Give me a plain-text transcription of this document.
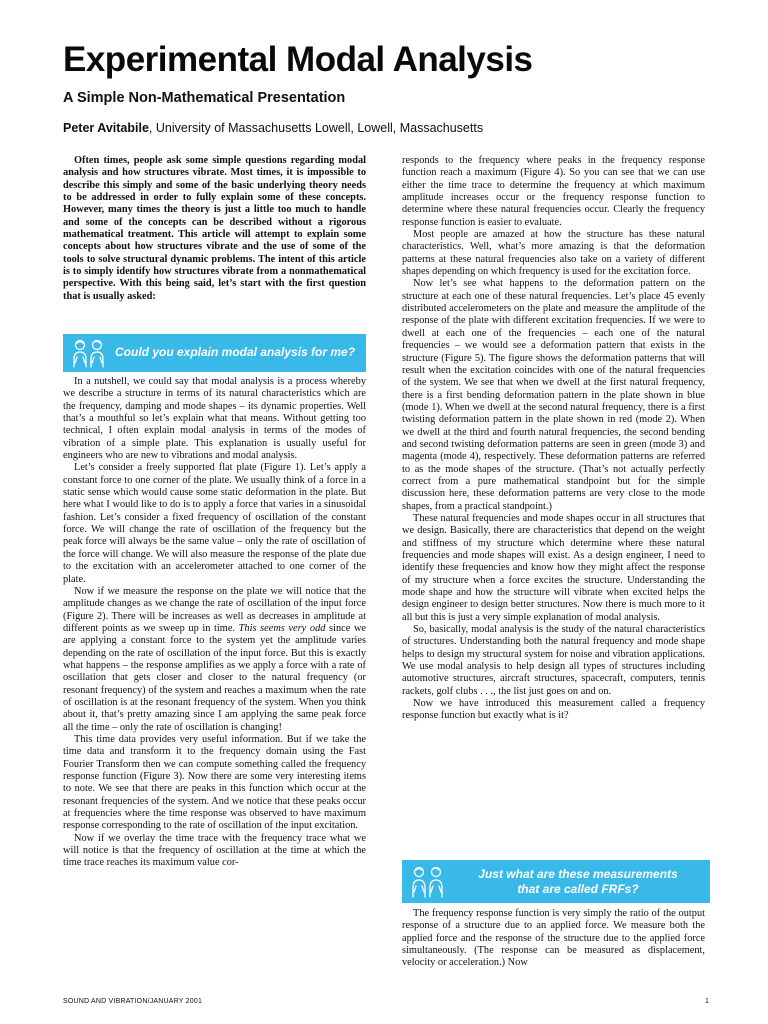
Experimental Modal Analysis
A Simple Non-Mathematical Presentation
Peter Avitabile, University of Massachusetts Lowell, Lowell, Massachusetts

Often times, people ask some simple questions regarding modal analysis and how structures vibrate. Most times, it is impossible to describe this simply and some of the basic underlying theory needs to be addressed in order to fully explain some of these concepts. However, many times the theory is just a little too much to handle and some of the concepts can be described without a rigorous mathematical treatment. This article will attempt to explain some concepts about how structures vibrate and the use of some of the tools to solve structural dynamic problems. The intent of this article is to simply identify how structures vibrate from a nonmathematical perspective. With this being said, let’s start with the first question that is usually asked:

Could you explain modal analysis for me?

In a nutshell, we could say that modal analysis is a process whereby we describe a structure in terms of its natural characteristics which are the frequency, damping and mode shapes – its dynamic properties. Well that’s a mouthful so let’s explain what that means. Without getting too technical, I often explain modal analysis in terms of the modes of vibration of a simple plate. This explanation is usually useful for engineers who are new to vibrations and modal analysis.

Let’s consider a freely supported flat plate (Figure 1). Let’s apply a constant force to one corner of the plate. We usually think of a force in a static sense which would cause some static deformation in the plate. But here what I would like to do is to apply a force that varies in a sinusoidal fashion. Let’s consider a fixed frequency of oscillation of the constant force. We will change the rate of oscillation of the frequency but the peak force will always be the same value – only the rate of oscillation of the force will change. We will also measure the response of the plate due to the excitation with an accelerometer attached to one corner of the plate.

Now if we measure the response on the plate we will notice that the amplitude changes as we change the rate of oscillation of the input force (Figure 2). There will be increases as well as decreases in amplitude at different points as we sweep up in time. This seems very odd since we are applying a constant force to the system yet the amplitude varies depending on the rate of oscillation of the input force. But this is exactly what happens – the response amplifies as we apply a force with a rate of oscillation that gets closer and closer to the natural frequency (or resonant frequency) of the system and reaches a maximum when the rate of oscillation is at the resonant frequency of the system. When you think about it, that’s pretty amazing since I am applying the same peak force all the time – only the rate of oscillation is changing!

This time data provides very useful information. But if we take the time data and transform it to the frequency domain using the Fast Fourier Transform then we can compute something called the frequency response function (Figure 3). Now there are some very interesting items to note. We see that there are peaks in this function which occur at the resonant frequencies of the system. And we notice that these peaks occur at frequencies where the time response was observed to have maximum response corresponding to the rate of oscillation of the input excitation.

Now if we overlay the time trace with the frequency trace what we will notice is that the frequency of oscillation at the time at which the time trace reaches its maximum value cor-

responds to the frequency where peaks in the frequency response function reach a maximum (Figure 4). So you can see that we can use either the time trace to determine the frequency at which maximum amplitude increases occur or the frequency response function to determine where these natural frequencies occur. Clearly the frequency response function is easier to evaluate.

Most people are amazed at how the structure has these natural characteristics. Well, what’s more amazing is that the deformation patterns at these natural frequencies also take on a variety of different shapes depending on which frequency is used for the excitation force.

Now let’s see what happens to the deformation pattern on the structure at each one of these natural frequencies. Let’s place 45 evenly distributed accelerometers on the plate and measure the amplitude of the response of the plate with different excitation frequencies. If we were to dwell at each one of the frequencies – each one of the natural frequencies – we would see a deformation pattern that exists in the structure (Figure 5). The figure shows the deformation patterns that will result when the excitation coincides with one of the natural frequencies of the system. We see that when we dwell at the first natural frequency, there is a first bending deformation pattern in the plate shown in blue (mode 1). When we dwell at the second natural frequency, there is a first twisting deformation pattern in the plate shown in red (mode 2). When we dwell at the third and fourth natural frequencies, the second bending and second twisting deformation patterns are seen in green (mode 3) and magenta (mode 4), respectively. These deformation patterns are referred to as the mode shapes of the structure. (That’s not actually perfectly correct from a pure mathematical standpoint but for the simple discussion here, these deformation patterns are very close to the mode shapes, from a practical standpoint.)

These natural frequencies and mode shapes occur in all structures that we design. Basically, there are characteristics that depend on the weight and stiffness of my structure which determine where these natural frequencies and mode shapes will exist. As a design engineer, I need to identify these frequencies and know how they might affect the response of my structure when a force excites the structure. Understanding the mode shape and how the structure will vibrate when excited helps the design engineer to design better structures. Now there is much more to it all but this is just a very simple explanation of modal analysis.

So, basically, modal analysis is the study of the natural characteristics of structures. Understanding both the natural frequency and mode shape helps to design my structural system for noise and vibration applications. We use modal analysis to help design all types of structures including automotive structures, aircraft structures, spacecraft, computers, tennis rackets, golf clubs . . ., the list just goes on and on.

Now we have introduced this measurement called a frequency response function but exactly what is it?

Just what are these measurements
that are called FRFs?

The frequency response function is very simply the ratio of the output response of a structure due to an applied force. We measure both the applied force and the response of the structure due to the applied force simultaneously. (The response can be measured as displacement, velocity or acceleration.) Now

SOUND AND VIBRATION/JANUARY 2001	1
